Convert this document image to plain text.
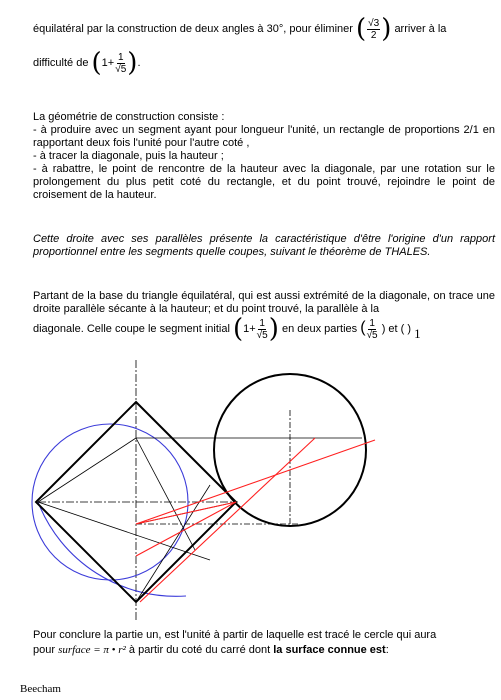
équilatéral par la construction de deux angles à 30°, pour éliminer ( $\frac{√3}{2}$ ) arriver à la
difficulté de ($1+ \frac{1}{√5}$ ).
La géométrie de construction consiste :
- à produire avec un segment ayant pour longueur l'unité, un rectangle de proportions 2/1 en rapportant deux fois l'unité pour l'autre coté ,
- à tracer la diagonale, puis la hauteur ;
- à rabattre, le point de rencontre de la hauteur avec la diagonale, par une rotation sur le prolongement du plus petit coté du rectangle, et du point trouvé, rejoindre le point de croisement de la hauteur.
Cette droite avec ses parallèles présente la caractéristique d'être l'origine d'un rapport proportionnel entre les segments quelle coupes, suivant le théorème de THALES.
Partant de la base du triangle équilatéral, qui est aussi extrémité de la diagonale, on trace une droite parallèle sécante à la hauteur; et du point trouvé, la parallèle à la
diagonale. Celle coupe le segment initial ($1+ \frac{1}{√5}$ ) en deux parties ( $\frac{1}{√5}$ ) et ( ) 1
Pour conclure la partie un, est l'unité à partir de laquelle est tracé le cercle qui aura
pour surface = π • r² à partir du coté du carré dont la surface connue est:
Beecham
